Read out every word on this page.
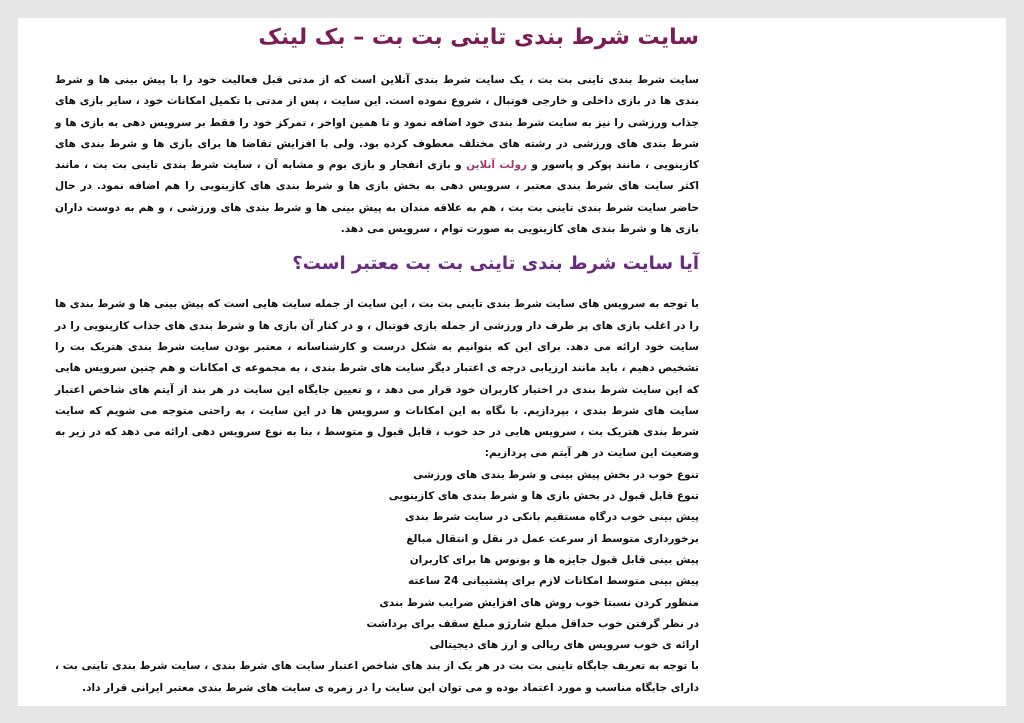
سایت شرط بندی تاینی بت بت – بک لینک

سایت شرط بندی تاینی بت بت ، یک سایت شرط بندی آنلاین است که از مدتی قبل فعالیت خود را با پیش بینی ها و شرط بندی ها در بازی داخلی و خارجی فوتبال ، شروع نموده است. این سایت ، پس از مدتی با تکمیل امکانات خود ، سایر بازی های جذاب ورزشی را نیز به سایت شرط بندی خود اضافه نمود و تا همین اواخر ، تمرکز خود را فقط بر سرویس دهی به بازی ها و شرط بندی های ورزشی در رشته های مختلف معطوف کرده بود. ولی با افزایش تقاضا ها برای بازی ها و شرط بندی های کازینویی ، مانند پوکر و پاسور و رولت آنلاین و بازی انفجار و بازی بوم و مشابه آن ، سایت شرط بندی تاینی بت بت ، مانند اکثر سایت های شرط بندی معتبر ، سرویس دهی به بخش بازی ها و شرط بندی های کازینویی را هم اضافه نمود. در حال حاضر سایت شرط بندی تاینی بت بت ، هم به علاقه مندان به پیش بینی ها و شرط بندی های ورزشی ، و هم به دوست داران بازی ها و شرط بندی های کازینویی به صورت توام ، سرویس می دهد.

آیا سایت شرط بندی تاینی بت بت معتبر است؟

با توجه به سرویس های سایت شرط بندی تاینی بت بت ، این سایت از جمله سایت هایی است که پیش بینی ها و شرط بندی ها را در اغلب بازی های پر طرف دار ورزشی از جمله بازی فوتبال ، و در کنار آن بازی ها و شرط بندی های جذاب کازینویی را در سایت خود ارائه می دهد. برای این که بتوانیم به شکل درست و کارشناسانه ، معتبر بودن سایت شرط بندی هتریک بت را تشخیص دهیم ، باید مانند ارزیابی درجه ی اعتبار دیگر سایت های شرط بندی ، به مجموعه ی امکانات و هم چنین سرویس هایی که این سایت شرط بندی در اختیار کاربران خود قرار می دهد ، و تعیین جایگاه این سایت در هر بند از آیتم های شاخص اعتبار سایت های شرط بندی ، بپردازیم. با نگاه به این امکانات و سرویس ها در این سایت ، به راحتی متوجه می شویم که سایت شرط بندی هتریک بت ، سرویس هایی در حد خوب ، قابل قبول و متوسط ، بنا به نوع سرویس دهی ارائه می دهد که در زیر به وضعیت این سایت در هر آیتم می پردازیم:

تنوع خوب در بخش پیش بینی و شرط بندی های ورزشی
تنوع قابل قبول در بخش بازی ها و شرط بندی های کازینویی
پیش بینی خوب درگاه مستقیم بانکی در سایت شرط بندی
برخورداری متوسط از سرعت عمل در نقل و انتقال مبالغ
پیش بینی قابل قبول جایزه ها و بونوس ها برای کاربران
پیش بینی متوسط امکانات لازم برای پشتیبانی 24 ساعته
منظور کردن نسبتا خوب روش های افزایش ضرایب شرط بندی
در نظر گرفتن خوب حداقل مبلغ شارژو مبلغ سقف برای برداشت
ارائه ی خوب سرویس های ریالی و ارز های دیجیتالی

با توجه به تعریف جایگاه تاینی بت بت در هر یک از بند های شاخص اعتبار سایت های شرط بندی ، سایت شرط بندی تاینی بت ، دارای جایگاه مناسب و مورد اعتماد بوده و می توان این سایت را در زمره ی سایت های شرط بندی معتبر ایرانی قرار داد.
